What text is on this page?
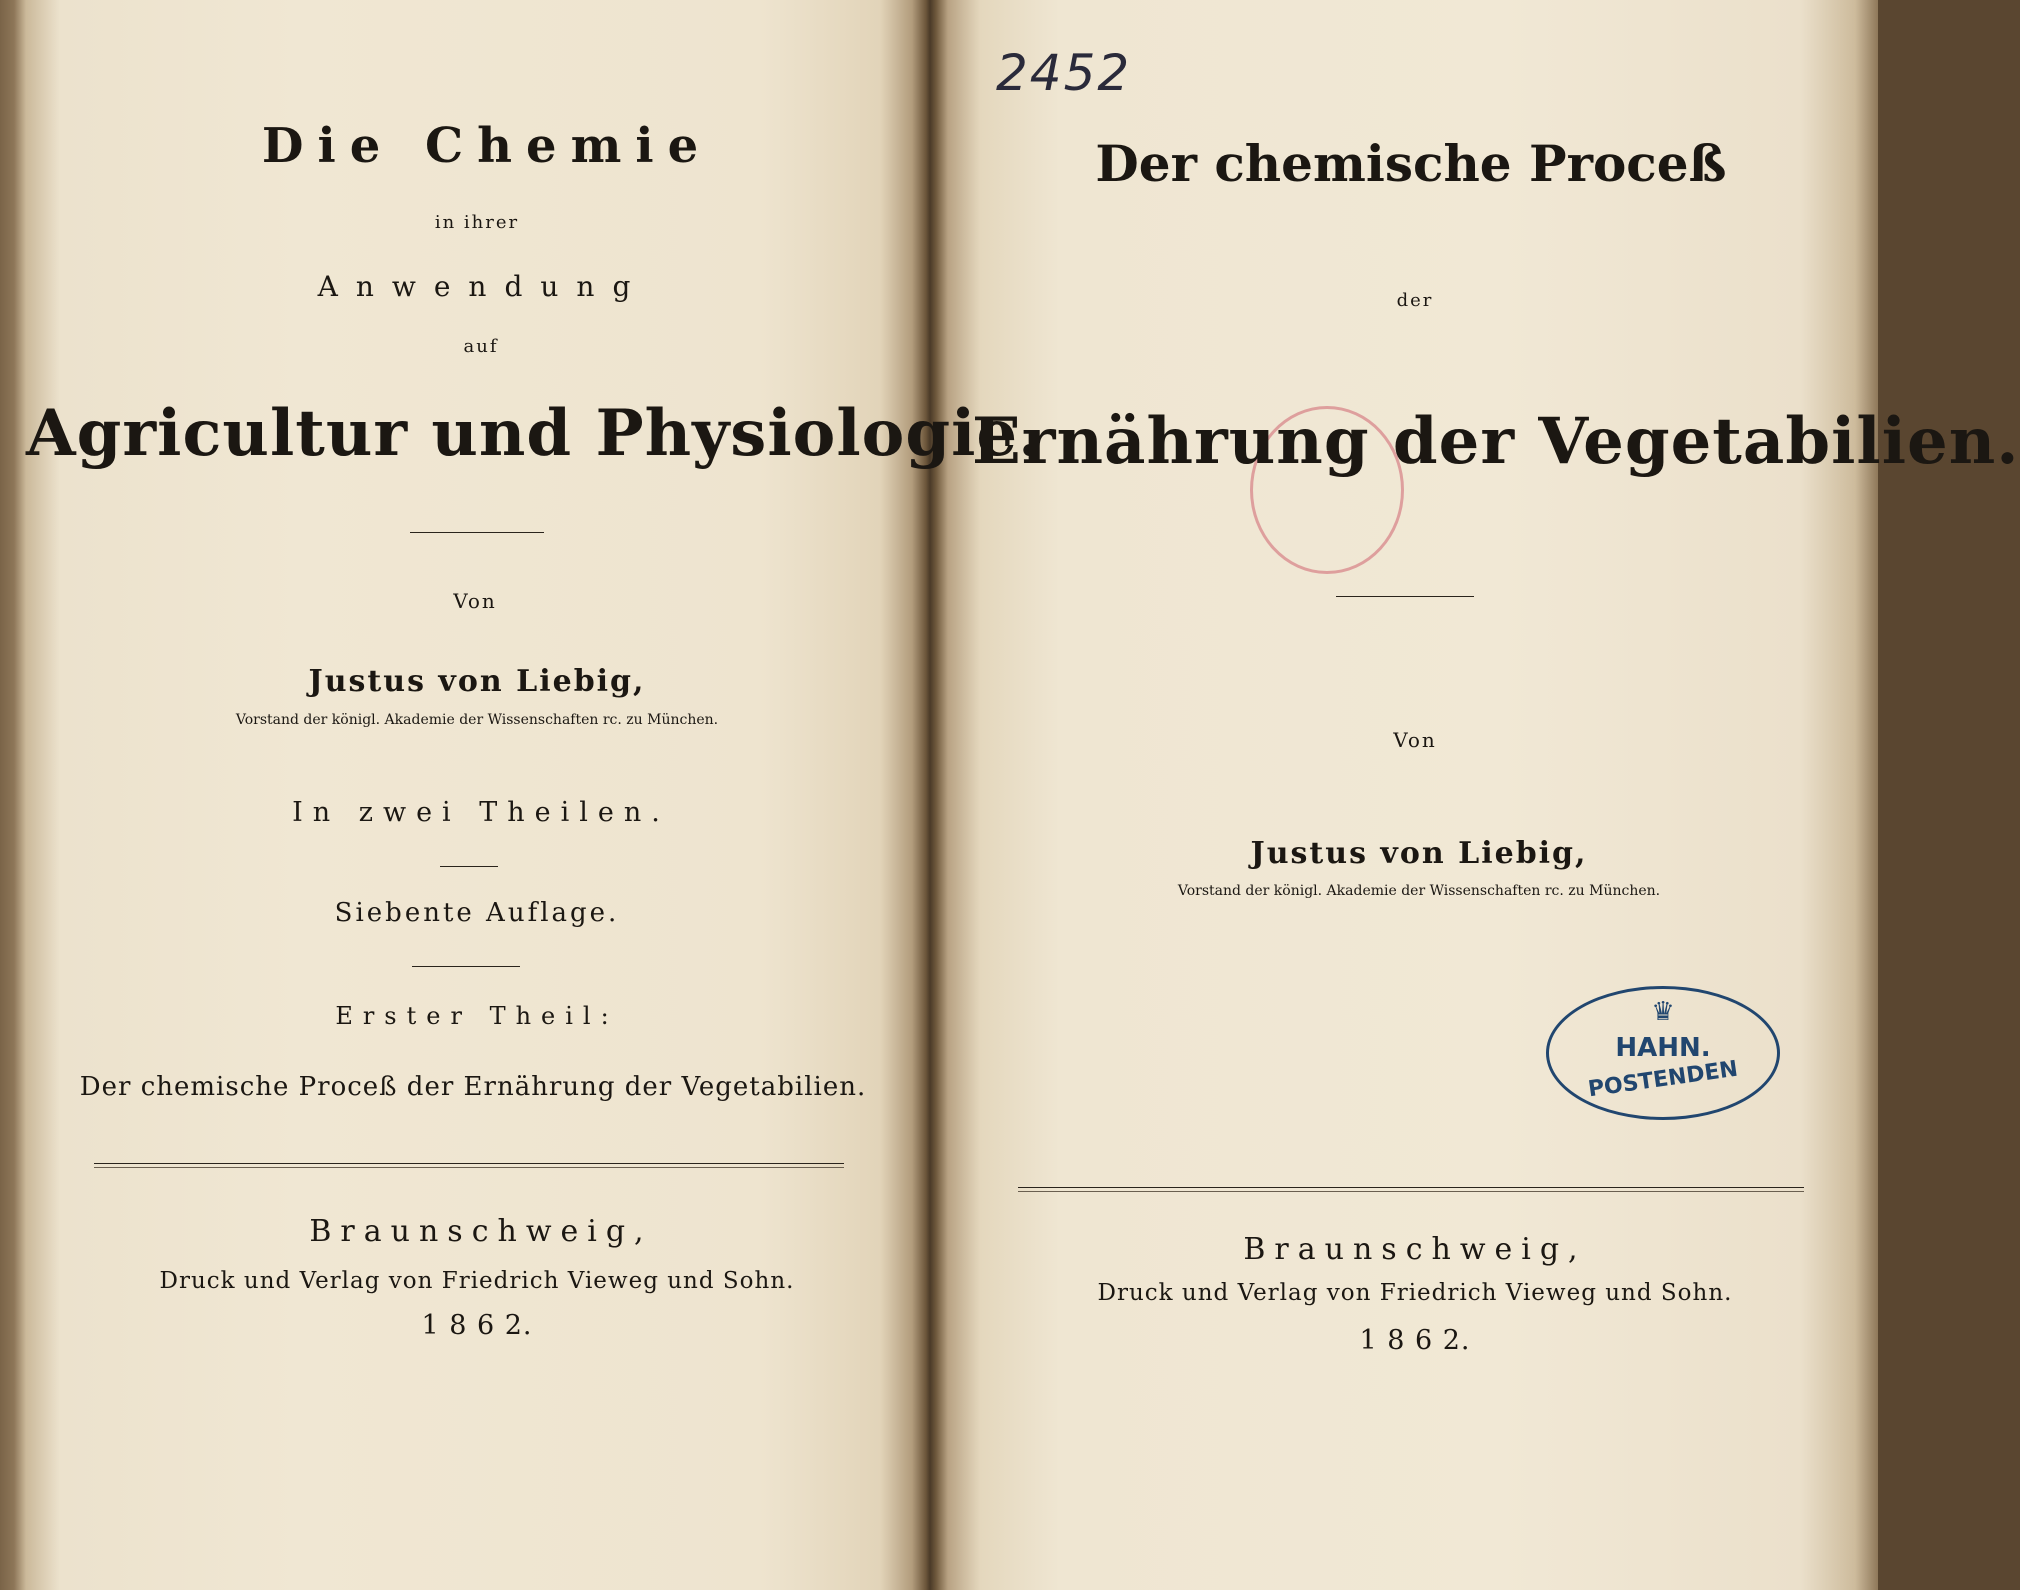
Die Chemie
in ihrer
Anwendung
auf
Agricultur und Physiologie.
Von
Justus von Liebig,
Vorstand der königl. Akademie der Wissenschaften rc. zu München.
In zwei Theilen.
Siebente Auflage.
Erster Theil:
Der chemische Proceß der Ernährung der Vegetabilien.
Braunschweig,
Druck und Verlag von Friedrich Vieweg und Sohn.
1 8 6 2.
2452
Der chemische Proceß
der
Ernährung der Vegetabilien.
Von
Justus von Liebig,
Vorstand der königl. Akademie der Wissenschaften rc. zu München.
♛
HAHN.
POSTENDEN
Braunschweig,
Druck und Verlag von Friedrich Vieweg und Sohn.
1 8 6 2.
